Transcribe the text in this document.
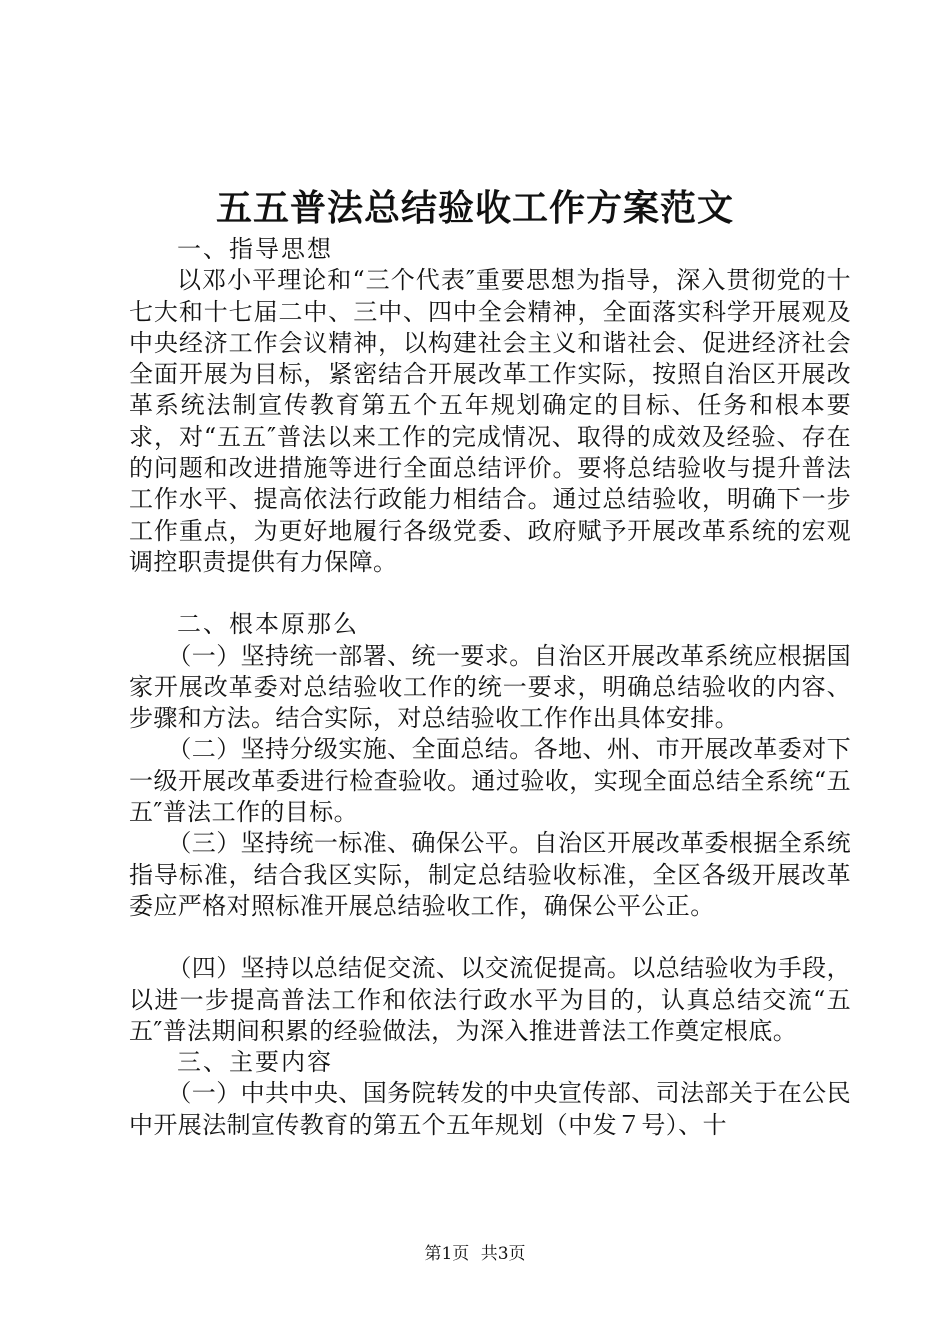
五五普法总结验收工作方案范文

一、指导思想

以邓小平理论和“三个代表″重要思想为指导，深入贯彻党的十七大和十七届二中、三中、四中全会精神，全面落实科学开展观及中央经济工作会议精神，以构建社会主义和谐社会、促进经济社会全面开展为目标，紧密结合开展改革工作实际，按照自治区开展改革系统法制宣传教育第五个五年规划确定的目标、任务和根本要求，对“五五″普法以来工作的完成情况、取得的成效及经验、存在的问题和改进措施等进行全面总结评价。要将总结验收与提升普法工作水平、提高依法行政能力相结合。通过总结验收，明确下一步工作重点，为更好地履行各级党委、政府赋予开展改革系统的宏观调控职责提供有力保障。

二、根本原那么

（一）坚持统一部署、统一要求。自治区开展改革系统应根据国家开展改革委对总结验收工作的统一要求，明确总结验收的内容、步骤和方法。结合实际，对总结验收工作作出具体安排。

（二）坚持分级实施、全面总结。各地、州、市开展改革委对下一级开展改革委进行检查验收。通过验收，实现全面总结全系统“五五″普法工作的目标。

（三）坚持统一标准、确保公平。自治区开展改革委根据全系统指导标准，结合我区实际，制定总结验收标准，全区各级开展改革委应严格对照标准开展总结验收工作，确保公平公正。

（四）坚持以总结促交流、以交流促提高。以总结验收为手段，以进一步提高普法工作和依法行政水平为目的，认真总结交流“五五″普法期间积累的经验做法，为深入推进普法工作奠定根底。

三、主要内容

（一）中共中央、国务院转发的中央宣传部、司法部关于在公民中开展法制宣传教育的第五个五年规划（中发７号）、十

第1页 共3页
